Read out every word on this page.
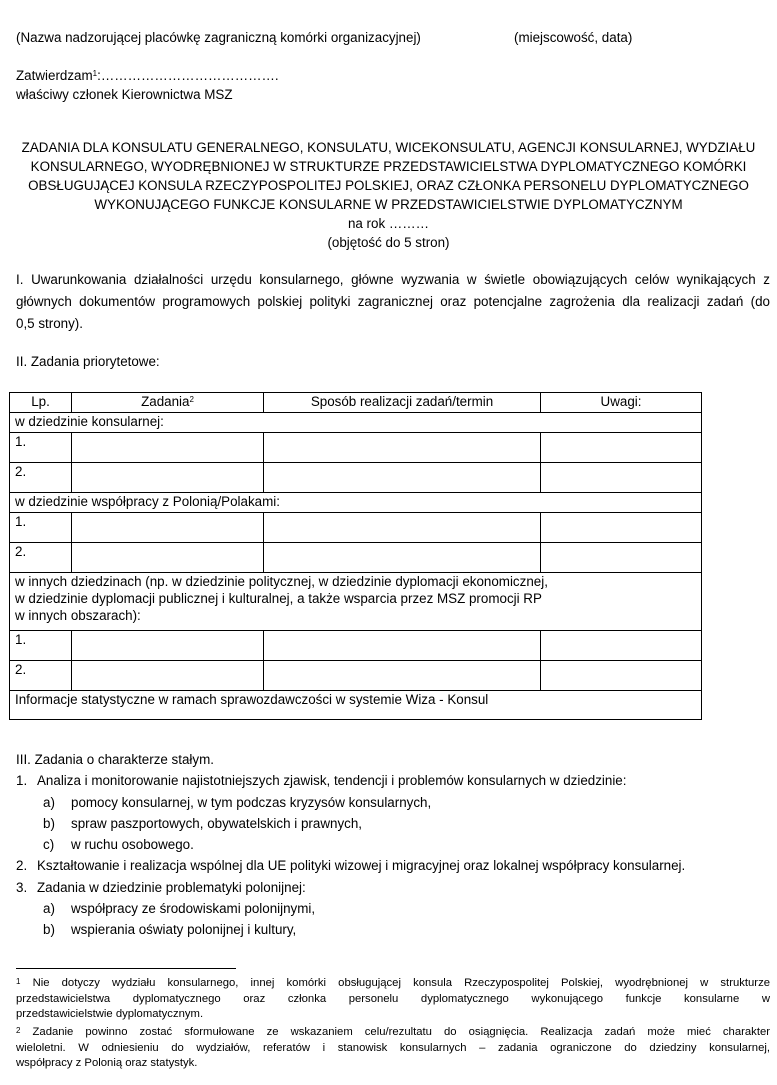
(Nazwa nadzorującej placówkę zagraniczną komórki organizacyjnej)	(miejscowość, data)
Zatwierdzam$^1$:………………………………….
właściwy członek Kierownictwa MSZ
ZADANIA DLA KONSULATU GENERALNEGO, KONSULATU, WICEKONSULATU, AGENCJI KONSULARNEJ, WYDZIAŁU
KONSULARNEGO, WYODRĘBNIONEJ W STRUKTURZE PRZEDSTAWICIELSTWA DYPLOMATYCZNEGO KOMÓRKI
OBSŁUGUJĄCEJ KONSULA RZECZYPOSPOLITEJ POLSKIEJ, ORAZ CZŁONKA PERSONELU DYPLOMATYCZNEGO
WYKONUJĄCEGO FUNKCJE KONSULARNE W PRZEDSTAWICIELSTWIE DYPLOMATYCZNYM
na rok ………
(objętość do 5 stron)
I. Uwarunkowania działalności urzędu konsularnego, główne wyzwania w świetle obowiązujących celów wynikających z
głównych dokumentów programowych polskiej polityki zagranicznej oraz potencjalne zagrożenia dla realizacji zadań (do
0,5 strony).
II. Zadania priorytetowe:
Lp.	Zadania$^2$	Sposób realizacji zadań/termin	Uwagi:
w dziedzinie konsularnej:			
1.			
2.			
w dziedzinie współpracy z Polonią/Polakami:			
1.			
2.			

w innych dziedzinach (np. w dziedzinie politycznej, w dziedzinie dyplomacji ekonomicznej,
w dziedzinie dyplomacji publicznej i kulturalnej, a także wsparcia przez MSZ promocji RP
w innych obszarach):			

1.			
2.			
Informacje statystyczne w ramach sprawozdawczości w systemie Wiza - Konsul			
III. Zadania o charakterze stałym.
1. Analiza i monitorowanie najistotniejszych zjawisk, tendencji i problemów konsularnych w dziedzinie:
a) pomocy konsularnej, w tym podczas kryzysów konsularnych,
b) spraw paszportowych, obywatelskich i prawnych,
c) w ruchu osobowego.
2. Kształtowanie i realizacja wspólnej dla UE polityki wizowej i migracyjnej oraz lokalnej współpracy konsularnej.
3. Zadania w dziedzinie problematyki polonijnej:
a) współpracy ze środowiskami polonijnymi,
b) wspierania oświaty polonijnej i kultury,
$^1$ Nie dotyczy wydziału konsularnego, innej komórki obsługującej konsula Rzeczypospolitej Polskiej, wyodrębnionej w strukturze
przedstawicielstwa dyplomatycznego oraz członka personelu dyplomatycznego wykonującego funkcje konsularne w
przedstawicielstwie dyplomatycznym.
$^2$ Zadanie powinno zostać sformułowane ze wskazaniem celu/rezultatu do osiągnięcia. Realizacja zadań może mieć charakter
wieloletni. W odniesieniu do wydziałów, referatów i stanowisk konsularnych – zadania ograniczone do dziedziny konsularnej,
współpracy z Polonią oraz statystyk.
